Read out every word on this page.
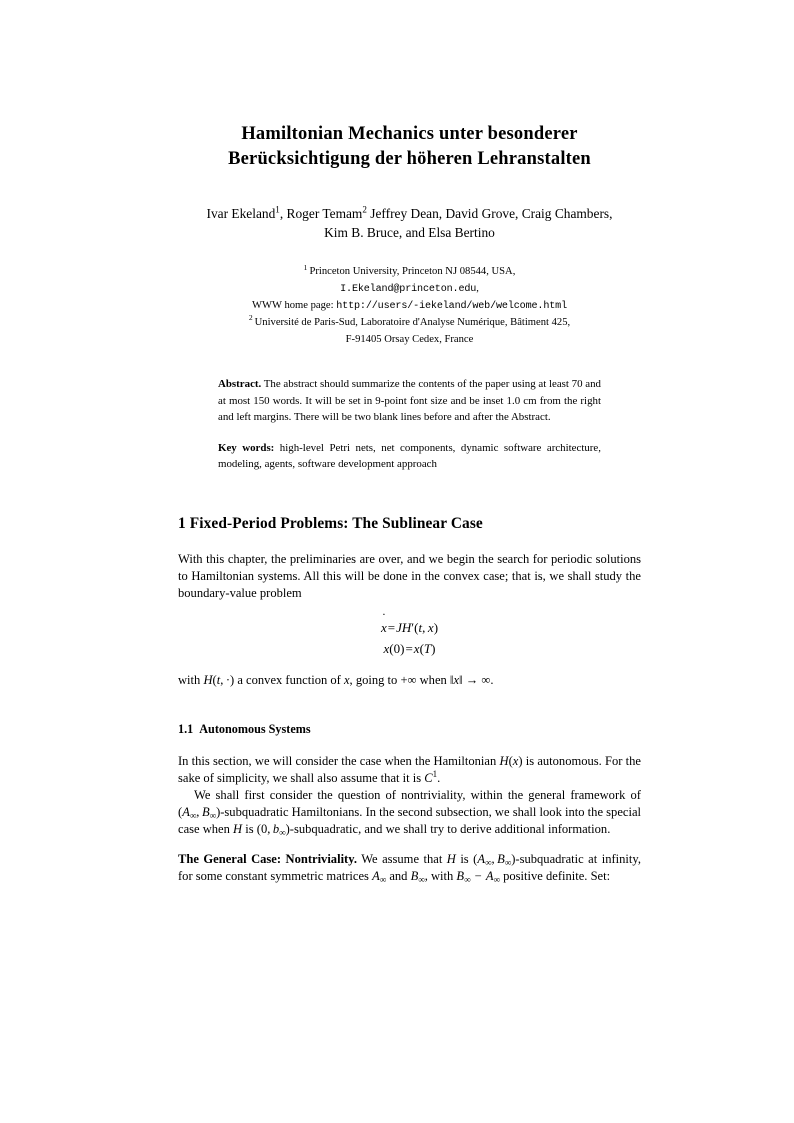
Hamiltonian Mechanics unter besonderer
Berücksichtigung der höheren Lehranstalten
Ivar Ekeland$^1$, Roger Temam$^2$ Jeffrey Dean, David Grove, Craig Chambers,
Kim B. Bruce, and Elsa Bertino
$^1$ Princeton University, Princeton NJ 08544, USA,
I.Ekeland@princeton.edu,
WWW home page: http://users/-iekeland/web/welcome.html
$^2$ Université de Paris-Sud, Laboratoire d'Analyse Numérique, Bâtiment 425,
F-91405 Orsay Cedex, France

Abstract. The abstract should summarize the contents of the paper using at least 70 and at most 150 words. It will be set in 9-point font size and be inset 1.0 cm from the right and left margins. There will be two blank lines before and after the Abstract.

Key words: high-level Petri nets, net components, dynamic software architecture, modeling, agents, software development approach

1 Fixed-Period Problems: The Sublinear Case

With this chapter, the preliminaries are over, and we begin the search for periodic solutions to Hamiltonian systems. All this will be done in the convex case; that is, we shall study the boundary-value problem

˙ x=JH′(t, x)
x(0)=x(T)

with H(t, ·) a convex function of x, going to +∞ when ‖x‖ → ∞.

1.1 Autonomous Systems

In this section, we will consider the case when the Hamiltonian H(x) is autonomous. For the sake of simplicity, we shall also assume that it is $C^1$.

We shall first consider the question of nontriviality, within the general framework of (A∞, B∞)-subquadratic Hamiltonians. In the second subsection, we shall look into the special case when H is (0, b∞)-subquadratic, and we shall try to derive additional information.

The General Case: Nontriviality. We assume that H is (A∞, B∞)-subquadratic at infinity, for some constant symmetric matrices A∞ and B∞, with B∞ − A∞ positive definite. Set:
